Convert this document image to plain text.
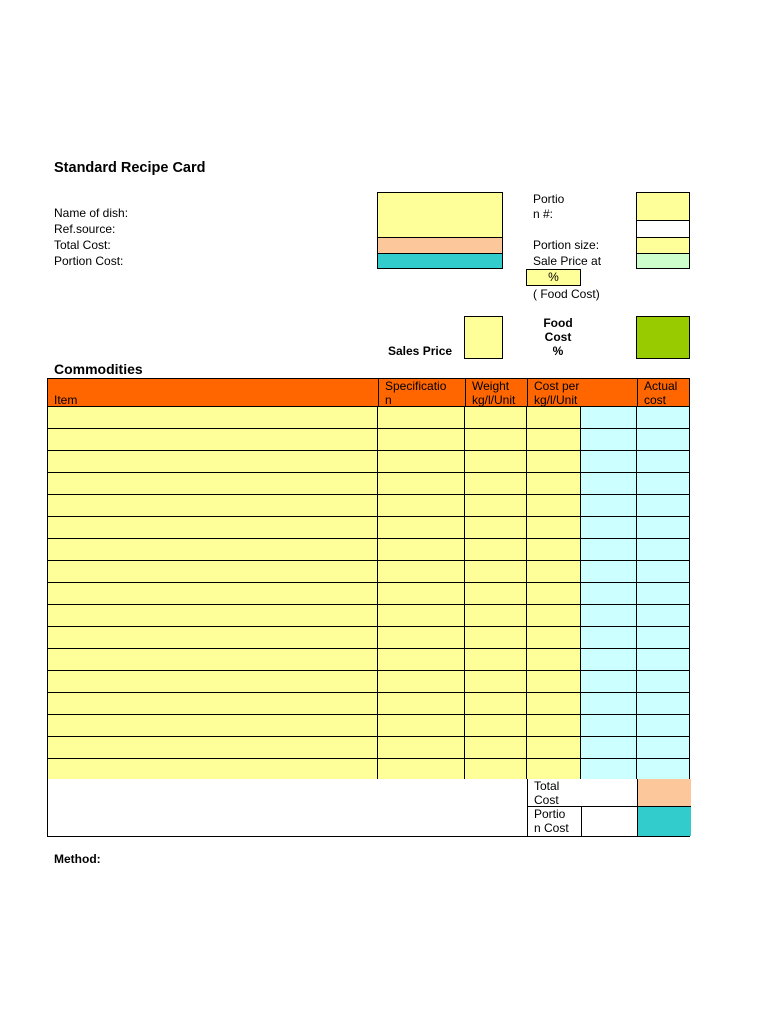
Standard Recipe Card
Name of dish:
Ref.source:
Total Cost:
Portion Cost:
Portio
n #:
Portion size:
Sale Price at
%
( Food Cost)
Sales Price
Food
Cost
%
Commodities
Item
Specificatio
n
Weight
kg/l/Unit
Cost per
kg/l/Unit
Actual
cost
Total
Cost
Portio
n Cost
Method:
